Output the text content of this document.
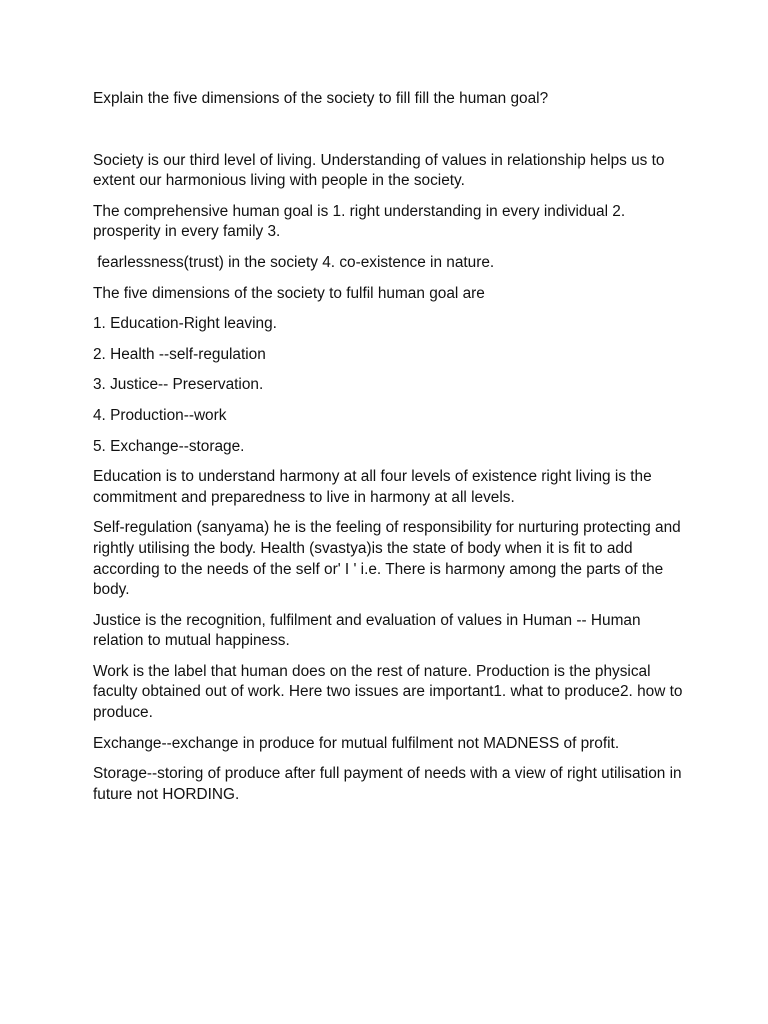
Explain the five dimensions of the society to fill fill the human goal?

Society is our third level of living. Understanding of values in relationship helps us to extent our harmonious living with people in the society.

The comprehensive human goal is 1. right understanding in every individual 2. prosperity in every family 3.

fearlessness(trust) in the society 4. co-existence in nature.

The five dimensions of the society to fulfil human goal are

1. Education-Right leaving.

2. Health --self-regulation

3. Justice-- Preservation.

4. Production--work

5. Exchange--storage.

Education is to understand harmony at all four levels of existence right living is the commitment and preparedness to live in harmony at all levels.

Self-regulation (sanyama) he is the feeling of responsibility for nurturing protecting and rightly utilising the body. Health (svastya)is the state of body when it is fit to add according to the needs of the self or' I ' i.e. There is harmony among the parts of the body.

Justice is the recognition, fulfilment and evaluation of values in Human -- Human relation to mutual happiness.

Work is the label that human does on the rest of nature. Production is the physical faculty obtained out of work. Here two issues are important1. what to produce2. how to produce.

Exchange--exchange in produce for mutual fulfilment not MADNESS of profit.

Storage--storing of produce after full payment of needs with a view of right utilisation in future not HORDING.
